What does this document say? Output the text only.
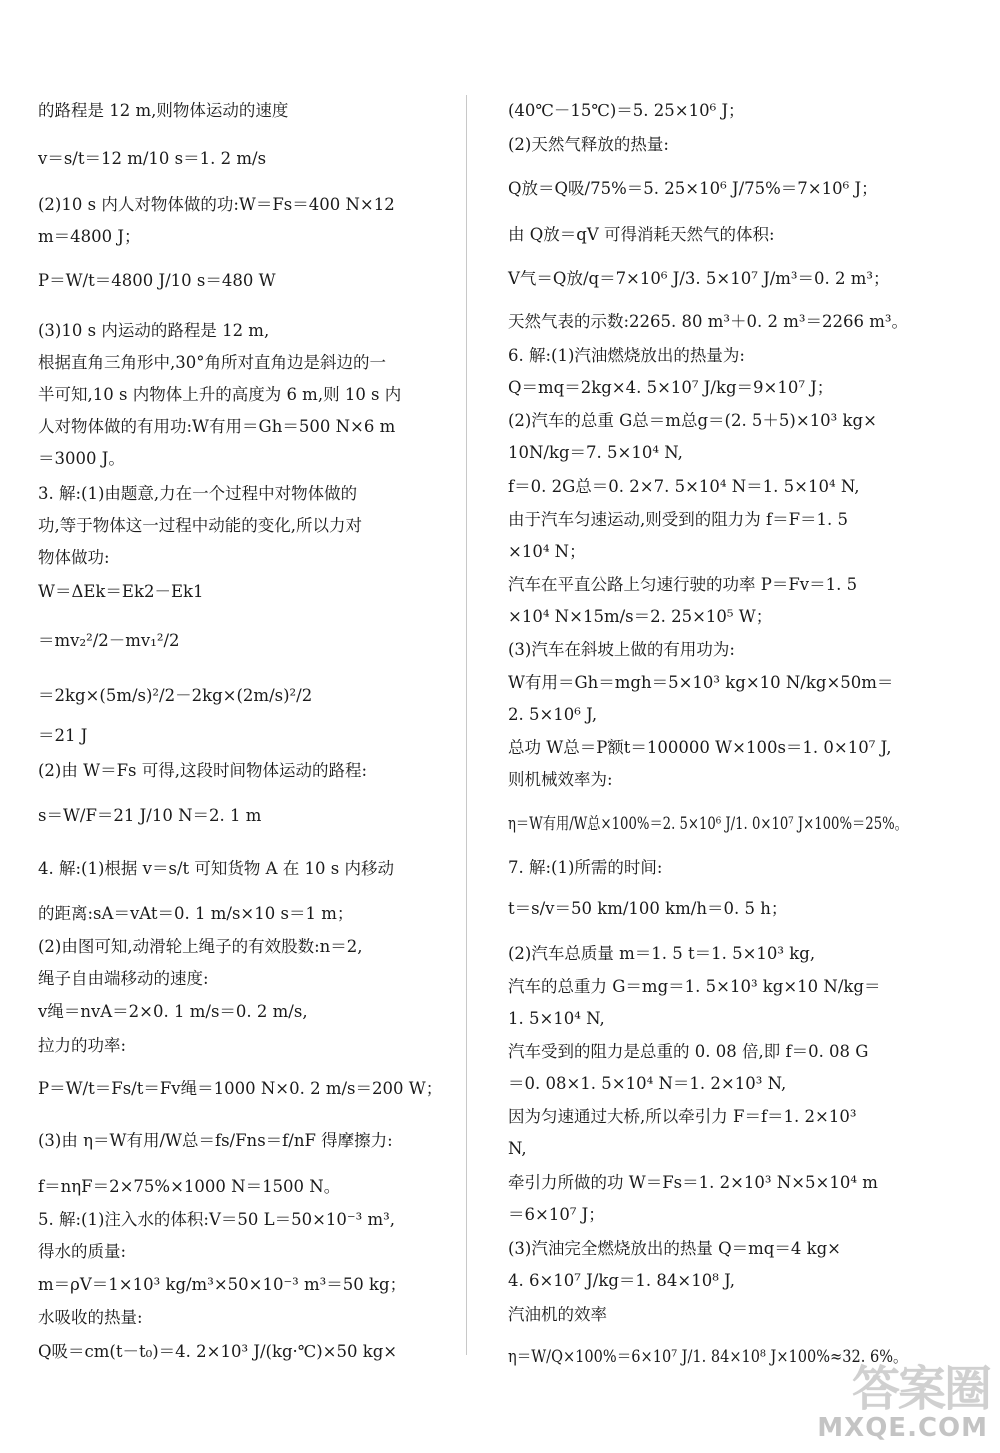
的路程是 12 m,则物体运动的速度
v＝s/t＝12 m/10 s＝1. 2 m/s
(2)10 s 内人对物体做的功:W＝Fs＝400 N×12
m＝4800 J；
P＝W/t＝4800 J/10 s＝480 W
(3)10 s 内运动的路程是 12 m,
根据直角三角形中,30°角所对直角边是斜边的一
半可知,10 s 内物体上升的高度为 6 m,则 10 s 内
人对物体做的有用功:W有用＝Gh＝500 N×6 m
＝3000 J。
3. 解:(1)由题意,力在一个过程中对物体做的
功,等于物体这一过程中动能的变化,所以力对
物体做功:
W＝ΔEk＝Ek2－Ek1
＝mv₂²/2－mv₁²/2
＝2kg×(5m/s)²/2－2kg×(2m/s)²/2
＝21 J
(2)由 W＝Fs 可得,这段时间物体运动的路程:
s＝W/F＝21 J/10 N＝2. 1 m
4. 解:(1)根据 v＝s/t 可知货物 A 在 10 s 内移动
的距离:sA＝vAt＝0. 1 m/s×10 s＝1 m；
(2)由图可知,动滑轮上绳子的有效股数:n＝2,
绳子自由端移动的速度:
v绳＝nvA＝2×0. 1 m/s＝0. 2 m/s,
拉力的功率:
P＝W/t＝Fs/t＝Fv绳＝1000 N×0. 2 m/s＝200 W；
(3)由 η＝W有用/W总＝fs/Fns＝f/nF 得摩擦力:
f＝nηF＝2×75%×1000 N＝1500 N。
5. 解:(1)注入水的体积:V＝50 L＝50×10⁻³ m³,
得水的质量:
m＝ρV＝1×10³ kg/m³×50×10⁻³ m³＝50 kg；
水吸收的热量:
Q吸＝cm(t－t₀)＝4. 2×10³ J/(kg·℃)×50 kg×
(40℃－15℃)＝5. 25×10⁶ J；
(2)天然气释放的热量:
Q放＝Q吸/75%＝5. 25×10⁶ J/75%＝7×10⁶ J；
由 Q放＝qV 可得消耗天然气的体积:
V气＝Q放/q＝7×10⁶ J/3. 5×10⁷ J/m³＝0. 2 m³；
天然气表的示数:2265. 80 m³＋0. 2 m³＝2266 m³。
6. 解:(1)汽油燃烧放出的热量为:
Q＝mq＝2kg×4. 5×10⁷ J/kg＝9×10⁷ J；
(2)汽车的总重 G总＝m总g＝(2. 5＋5)×10³ kg×
10N/kg＝7. 5×10⁴ N,
f＝0. 2G总＝0. 2×7. 5×10⁴ N＝1. 5×10⁴ N,
由于汽车匀速运动,则受到的阻力为 f＝F＝1. 5
×10⁴ N；
汽车在平直公路上匀速行驶的功率 P＝Fv＝1. 5
×10⁴ N×15m/s＝2. 25×10⁵ W；
(3)汽车在斜坡上做的有用功为:
W有用＝Gh＝mgh＝5×10³ kg×10 N/kg×50m＝
2. 5×10⁶ J,
总功 W总＝P额t＝100000 W×100s＝1. 0×10⁷ J,
则机械效率为:
η＝W有用/W总×100%＝2. 5×10⁶ J/1. 0×10⁷ J×100%＝25%。
7. 解:(1)所需的时间:
t＝s/v＝50 km/100 km/h＝0. 5 h；
(2)汽车总质量 m＝1. 5 t＝1. 5×10³ kg,
汽车的总重力 G＝mg＝1. 5×10³ kg×10 N/kg＝
1. 5×10⁴ N,
汽车受到的阻力是总重的 0. 08 倍,即 f＝0. 08 G
＝0. 08×1. 5×10⁴ N＝1. 2×10³ N,
因为匀速通过大桥,所以牵引力 F＝f＝1. 2×10³
N,
牵引力所做的功 W＝Fs＝1. 2×10³ N×5×10⁴ m
＝6×10⁷ J；
(3)汽油完全燃烧放出的热量 Q＝mq＝4 kg×
4. 6×10⁷ J/kg＝1. 84×10⁸ J,
汽油机的效率
η＝W/Q×100%＝6×10⁷ J/1. 84×10⁸ J×100%≈32. 6%。
答案圈
MXQE.COM
